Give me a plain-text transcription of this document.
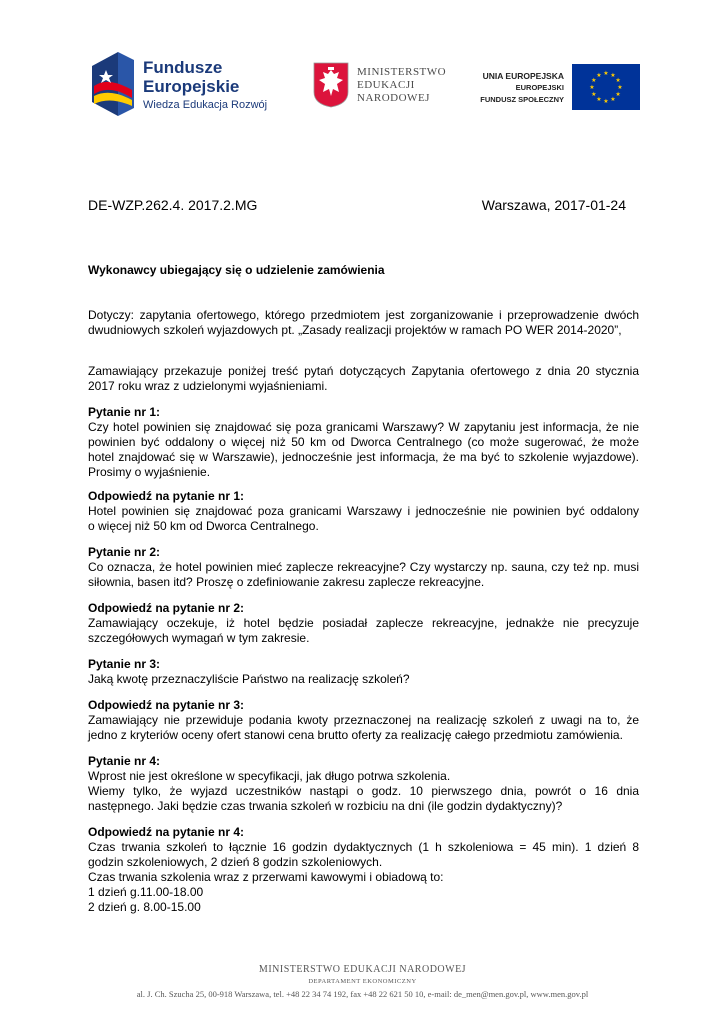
Fundusze
Europejskie
Wiedza Edukacja Rozwój
MINISTERSTWO
EDUKACJI
NARODOWEJ
UNIA EUROPEJSKA
EUROPEJSKI
FUNDUSZ SPOŁECZNY
★ ★
★
★
★
★
★
★
★
★
★
★
DE-WZP.262.4. 2017.2.MG	Warszawa, 2017-01-24
Wykonawcy ubiegający się o udzielenie zamówienia
Dotyczy: zapytania ofertowego, którego przedmiotem jest zorganizowanie i przeprowadzenie dwóch
dwudniowych szkoleń wyjazdowych pt. „Zasady realizacji projektów w ramach PO WER 2014-2020”,
Zamawiający przekazuje poniżej treść pytań dotyczących Zapytania ofertowego z dnia 20 stycznia
2017 roku wraz z udzielonymi wyjaśnieniami.
Pytanie nr 1:
Czy hotel powinien się znajdować się poza granicami Warszawy? W zapytaniu jest informacja, że nie
powinien być oddalony o więcej niż 50 km od Dworca Centralnego (co może sugerować, że może
hotel znajdować się w Warszawie), jednocześnie jest informacja, że ma być to szkolenie wyjazdowe).
Prosimy o wyjaśnienie.
Odpowiedź na pytanie nr 1:
Hotel powinien się znajdować poza granicami Warszawy i jednocześnie nie powinien być oddalony
o więcej niż 50 km od Dworca Centralnego.
Pytanie nr 2:
Co oznacza, że hotel powinien mieć zaplecze rekreacyjne? Czy wystarczy np. sauna, czy też np. musi
siłownia, basen itd? Proszę o zdefiniowanie zakresu zaplecze rekreacyjne.
Odpowiedź na pytanie nr 2:
Zamawiający oczekuje, iż hotel będzie posiadał zaplecze rekreacyjne, jednakże nie precyzuje
szczegółowych wymagań w tym zakresie.
Pytanie nr 3:
Jaką kwotę przeznaczyliście Państwo na realizację szkoleń?
Odpowiedź na pytanie nr 3:
Zamawiający nie przewiduje podania kwoty przeznaczonej na realizację szkoleń z uwagi na to, że
jedno z kryteriów oceny ofert stanowi cena brutto oferty za realizację całego przedmiotu zamówienia.
Pytanie nr 4:
Wprost nie jest określone w specyfikacji, jak długo potrwa szkolenia.
Wiemy tylko, że wyjazd uczestników nastąpi o godz. 10 pierwszego dnia, powrót o 16 dnia
następnego. Jaki będzie czas trwania szkoleń w rozbiciu na dni (ile godzin dydaktyczny)?
Odpowiedź na pytanie nr 4:
Czas trwania szkoleń to łącznie 16 godzin dydaktycznych (1 h szkoleniowa = 45 min). 1 dzień 8
godzin szkoleniowych, 2 dzień 8 godzin szkoleniowych.
Czas trwania szkolenia wraz z przerwami kawowymi i obiadową to:
1 dzień g.11.00-18.00
2 dzień g. 8.00-15.00
MINISTERSTWO EDUKACJI NARODOWEJ
DEPARTAMENT EKONOMICZNY
al. J. Ch. Szucha 25, 00-918 Warszawa, tel. +48 22 34 74 192, fax +48 22 621 50 10, e-mail: de_men@men.gov.pl, www.men.gov.pl
